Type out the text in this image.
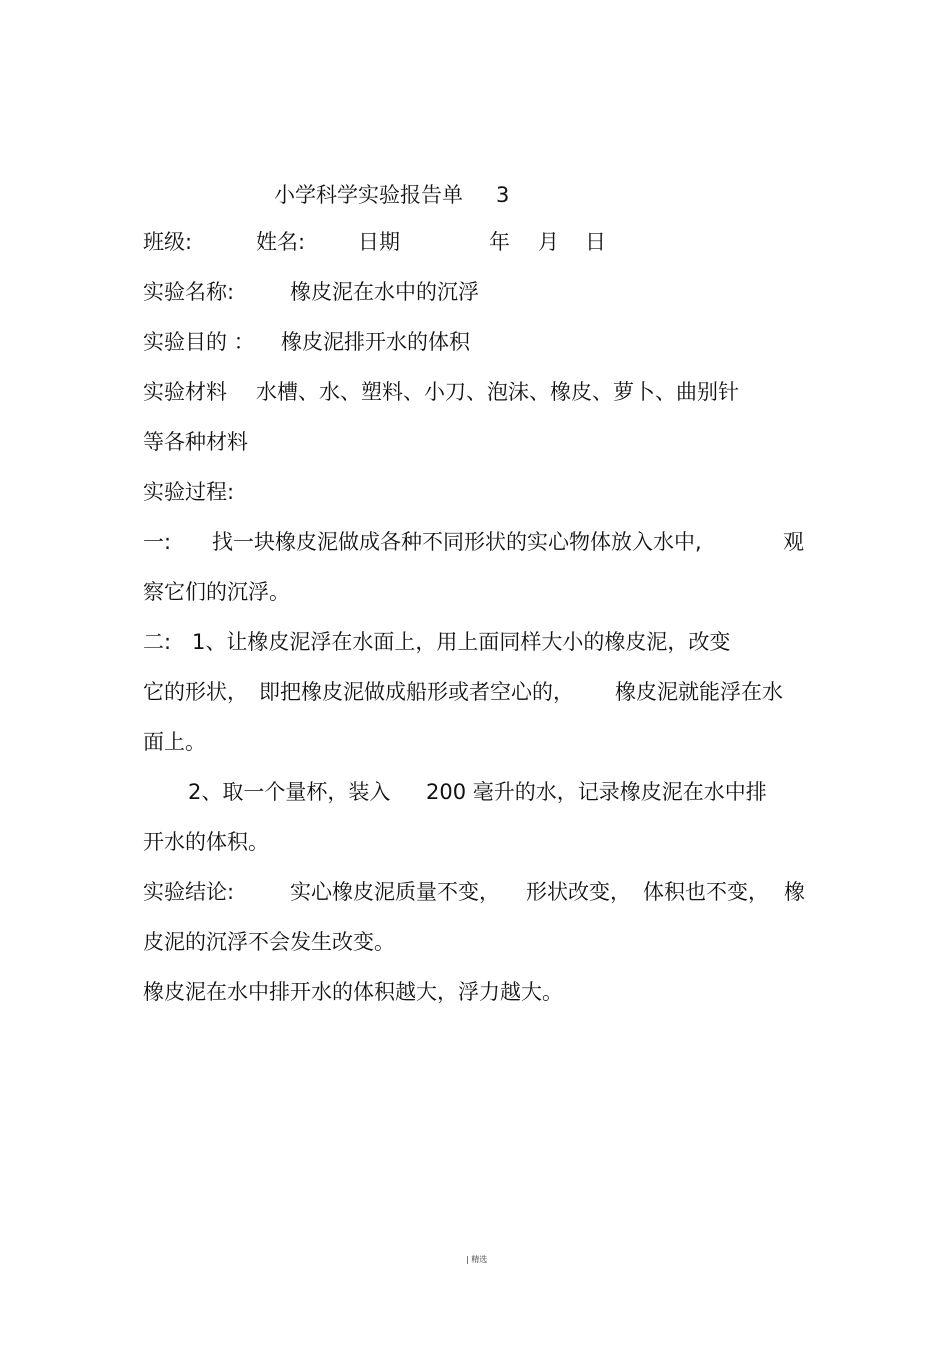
小学科学实验报告单 3
班级:	姓名:	日期	年 月 日
实验名称:	橡皮泥在水中的沉浮
实验目的 ： 橡皮泥排开水的体积
实验材料 水槽、水、塑料、小刀、泡沫、橡皮、萝卜、曲别针
等各种材料
实验过程:
一: 找一块橡皮泥做成各种不同形状的实心物体放入水中,	观
察它们的沉浮。
二: 1、让橡皮泥浮在水面上，用上面同样大小的橡皮泥，改变
它的形状， 即把橡皮泥做成船形或者空心的， 橡皮泥就能浮在水
面上。
2、取一个量杯，装入 200 毫升的水，记录橡皮泥在水中排
开水的体积。
实验结论:	实心橡皮泥质量不变， 形状改变， 体积也不变， 橡
皮泥的沉浮不会发生改变。
橡皮泥在水中排开水的体积越大，浮力越大。
| 精选
